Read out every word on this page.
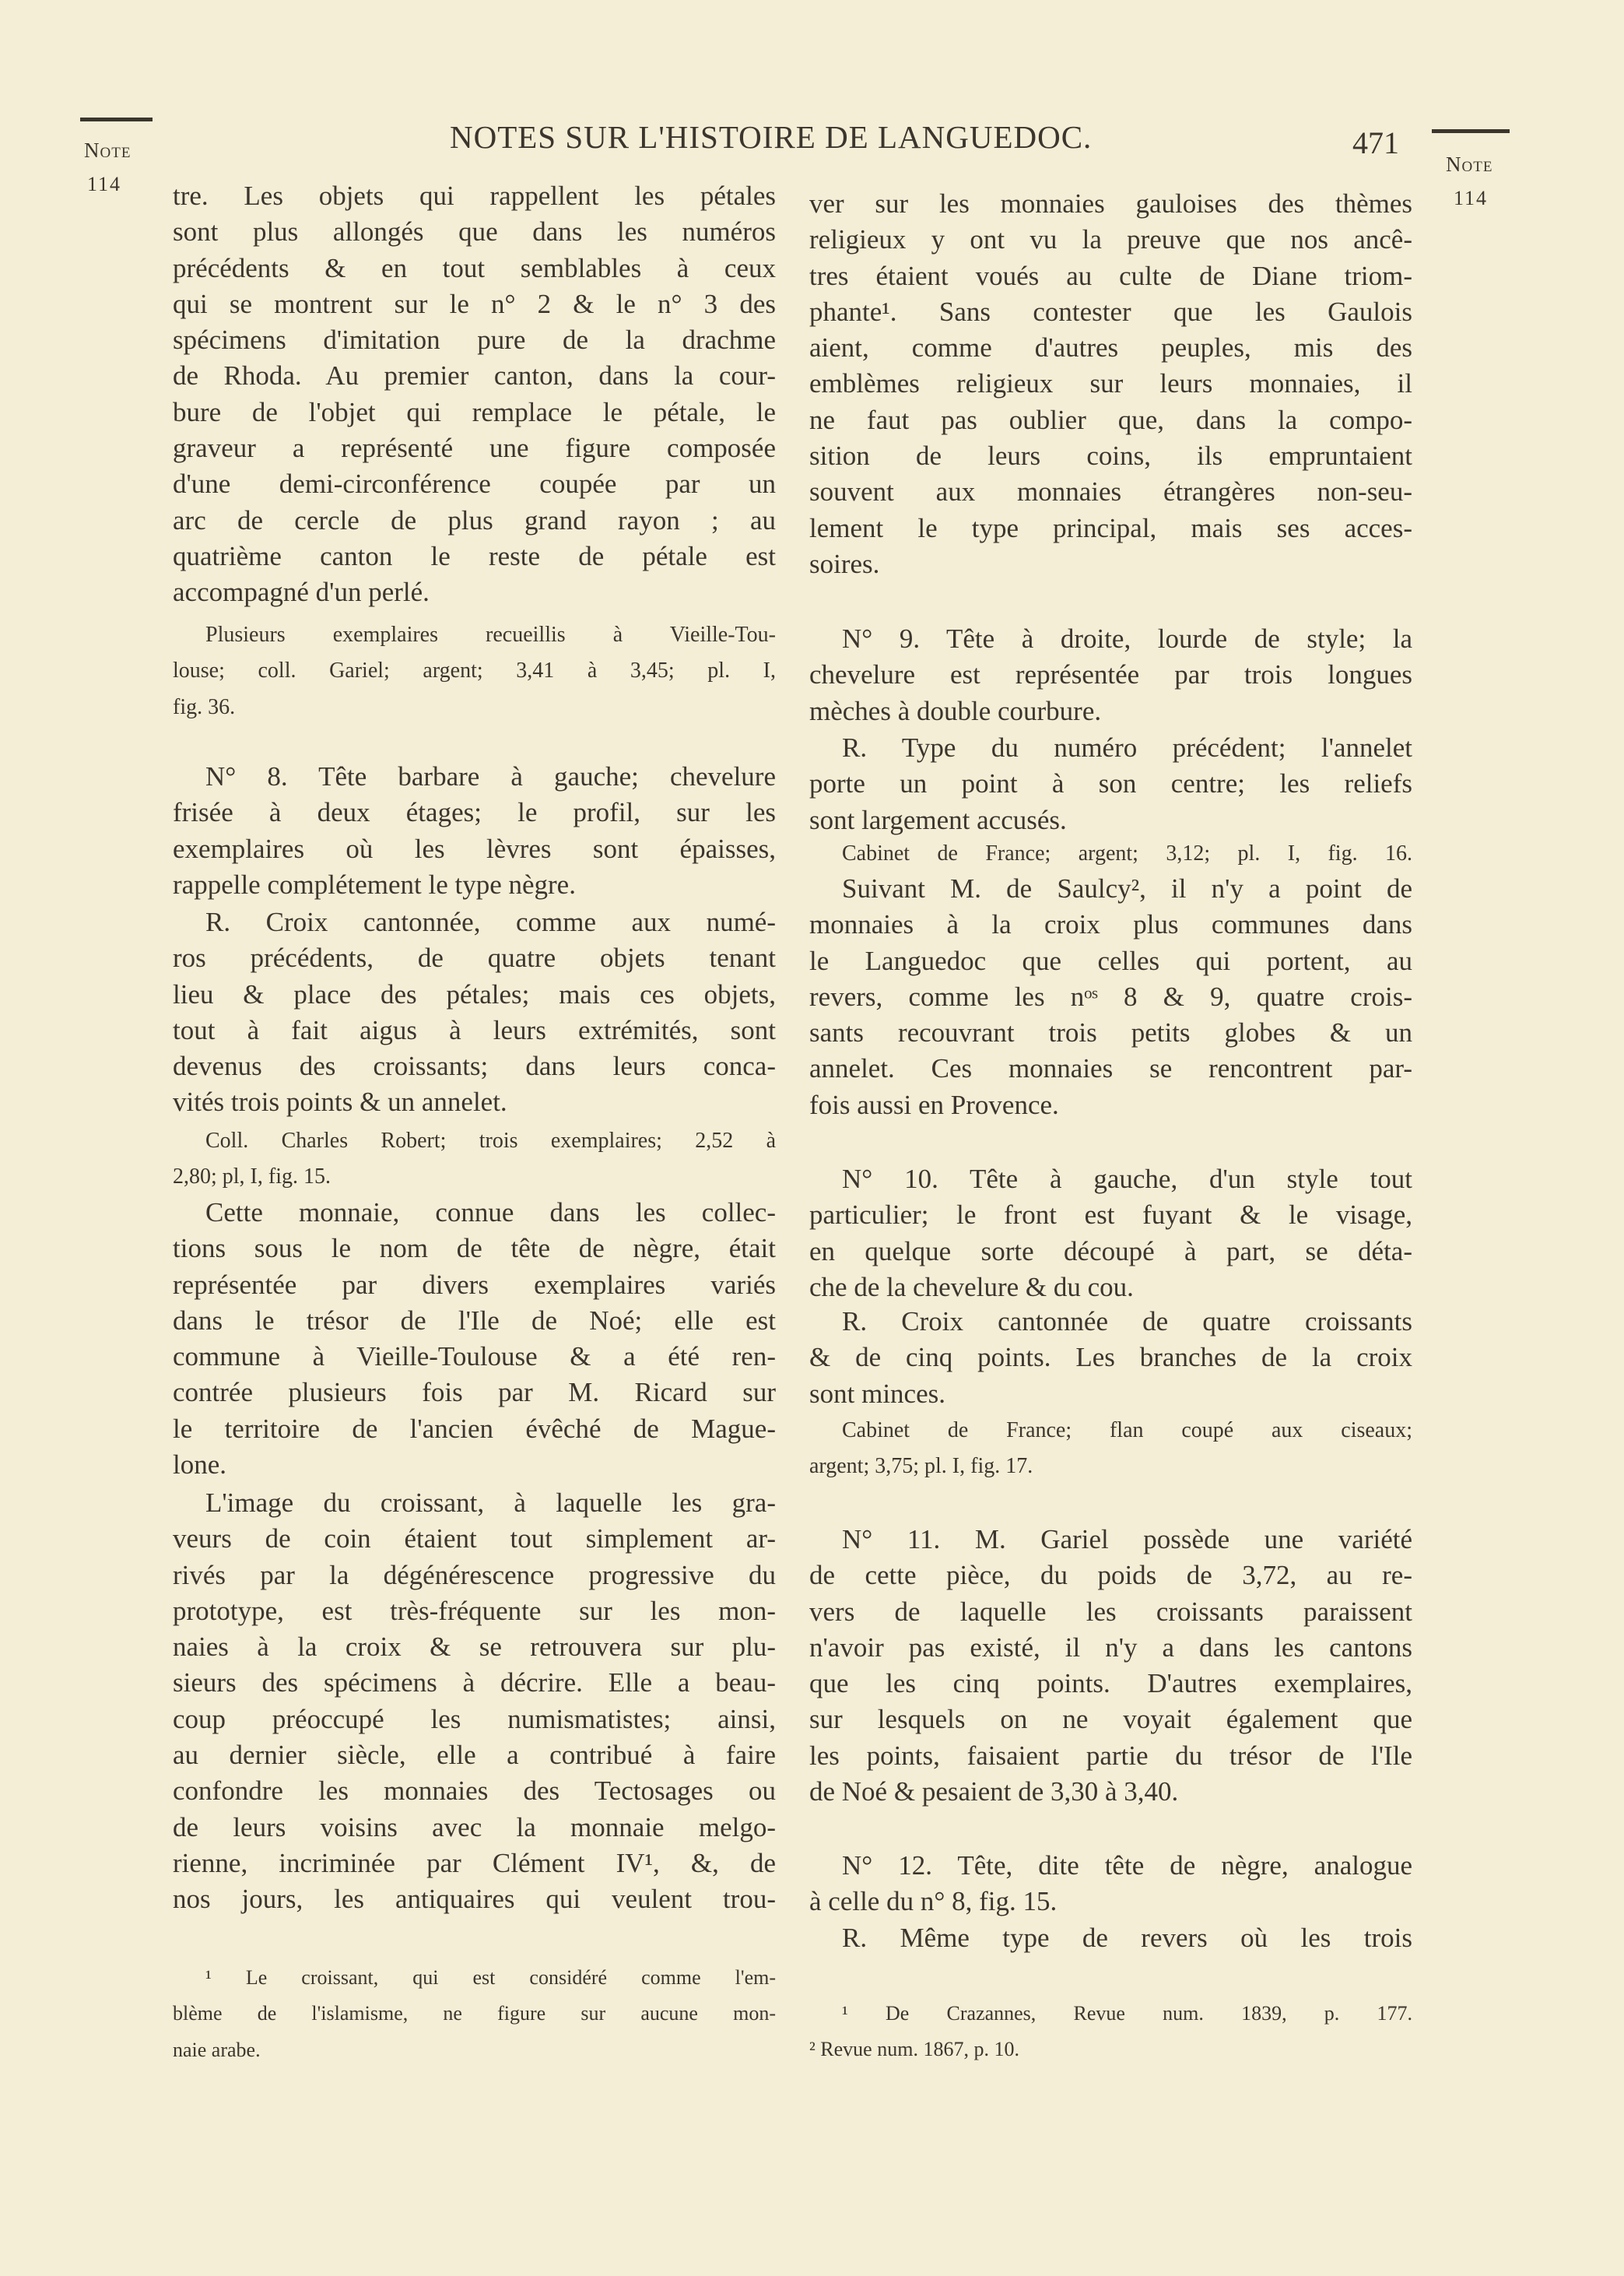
Note
114
NOTES SUR L'HISTOIRE DE LANGUEDOC.	471
Note
114
tre. Les objets qui rappellent les pétales
sont plus allongés que dans les numéros
précédents & en tout semblables à ceux
qui se montrent sur le n° 2 & le n° 3 des
spécimens d'imitation pure de la drachme
de Rhoda. Au premier canton, dans la cour-
bure de l'objet qui remplace le pétale, le
graveur a représenté une figure composée
d'une demi-circonférence coupée par un
arc de cercle de plus grand rayon ; au
quatrième canton le reste de pétale est
accompagné d'un perlé.
Plusieurs exemplaires recueillis à Vieille-Tou-
louse; coll. Gariel; argent; 3,41 à 3,45; pl. I,
fig. 36.
N° 8. Tête barbare à gauche; chevelure
frisée à deux étages; le profil, sur les
exemplaires où les lèvres sont épaisses,
rappelle complétement le type nègre.
R. Croix cantonnée, comme aux numé-
ros précédents, de quatre objets tenant
lieu & place des pétales; mais ces objets,
tout à fait aigus à leurs extrémités, sont
devenus des croissants; dans leurs conca-
vités trois points & un annelet.
Coll. Charles Robert; trois exemplaires; 2,52 à
2,80; pl, I, fig. 15.
Cette monnaie, connue dans les collec-
tions sous le nom de tête de nègre, était
représentée par divers exemplaires variés
dans le trésor de l'Ile de Noé; elle est
commune à Vieille-Toulouse & a été ren-
contrée plusieurs fois par M. Ricard sur
le territoire de l'ancien évêché de Mague-
lone.
L'image du croissant, à laquelle les gra-
veurs de coin étaient tout simplement ar-
rivés par la dégénérescence progressive du
prototype, est très-fréquente sur les mon-
naies à la croix & se retrouvera sur plu-
sieurs des spécimens à décrire. Elle a beau-
coup préoccupé les numismatistes; ainsi,
au dernier siècle, elle a contribué à faire
confondre les monnaies des Tectosages ou
de leurs voisins avec la monnaie melgo-
rienne, incriminée par Clément IV¹, &, de
nos jours, les antiquaires qui veulent trou-
¹ Le croissant, qui est considéré comme l'em-
blème de l'islamisme, ne figure sur aucune mon-
naie arabe.
ver sur les monnaies gauloises des thèmes
religieux y ont vu la preuve que nos ancê-
tres étaient voués au culte de Diane triom-
phante¹. Sans contester que les Gaulois
aient, comme d'autres peuples, mis des
emblèmes religieux sur leurs monnaies, il
ne faut pas oublier que, dans la compo-
sition de leurs coins, ils empruntaient
souvent aux monnaies étrangères non-seu-
lement le type principal, mais ses acces-
soires.
N° 9. Tête à droite, lourde de style; la
chevelure est représentée par trois longues
mèches à double courbure.
R. Type du numéro précédent; l'annelet
porte un point à son centre; les reliefs
sont largement accusés.
Cabinet de France; argent; 3,12; pl. I, fig. 16.
Suivant M. de Saulcy², il n'y a point de
monnaies à la croix plus communes dans
le Languedoc que celles qui portent, au
revers, comme les nᵒˢ 8 & 9, quatre crois-
sants recouvrant trois petits globes & un
annelet. Ces monnaies se rencontrent par-
fois aussi en Provence.
N° 10. Tête à gauche, d'un style tout
particulier; le front est fuyant & le visage,
en quelque sorte découpé à part, se déta-
che de la chevelure & du cou.
R. Croix cantonnée de quatre croissants
& de cinq points. Les branches de la croix
sont minces.
Cabinet de France; flan coupé aux ciseaux;
argent; 3,75; pl. I, fig. 17.
N° 11. M. Gariel possède une variété
de cette pièce, du poids de 3,72, au re-
vers de laquelle les croissants paraissent
n'avoir pas existé, il n'y a dans les cantons
que les cinq points. D'autres exemplaires,
sur lesquels on ne voyait également que
les points, faisaient partie du trésor de l'Ile
de Noé & pesaient de 3,30 à 3,40.
N° 12. Tête, dite tête de nègre, analogue
à celle du n° 8, fig. 15.
R. Même type de revers où les trois
¹ De Crazannes, Revue num. 1839, p. 177.
² Revue num. 1867, p. 10.
